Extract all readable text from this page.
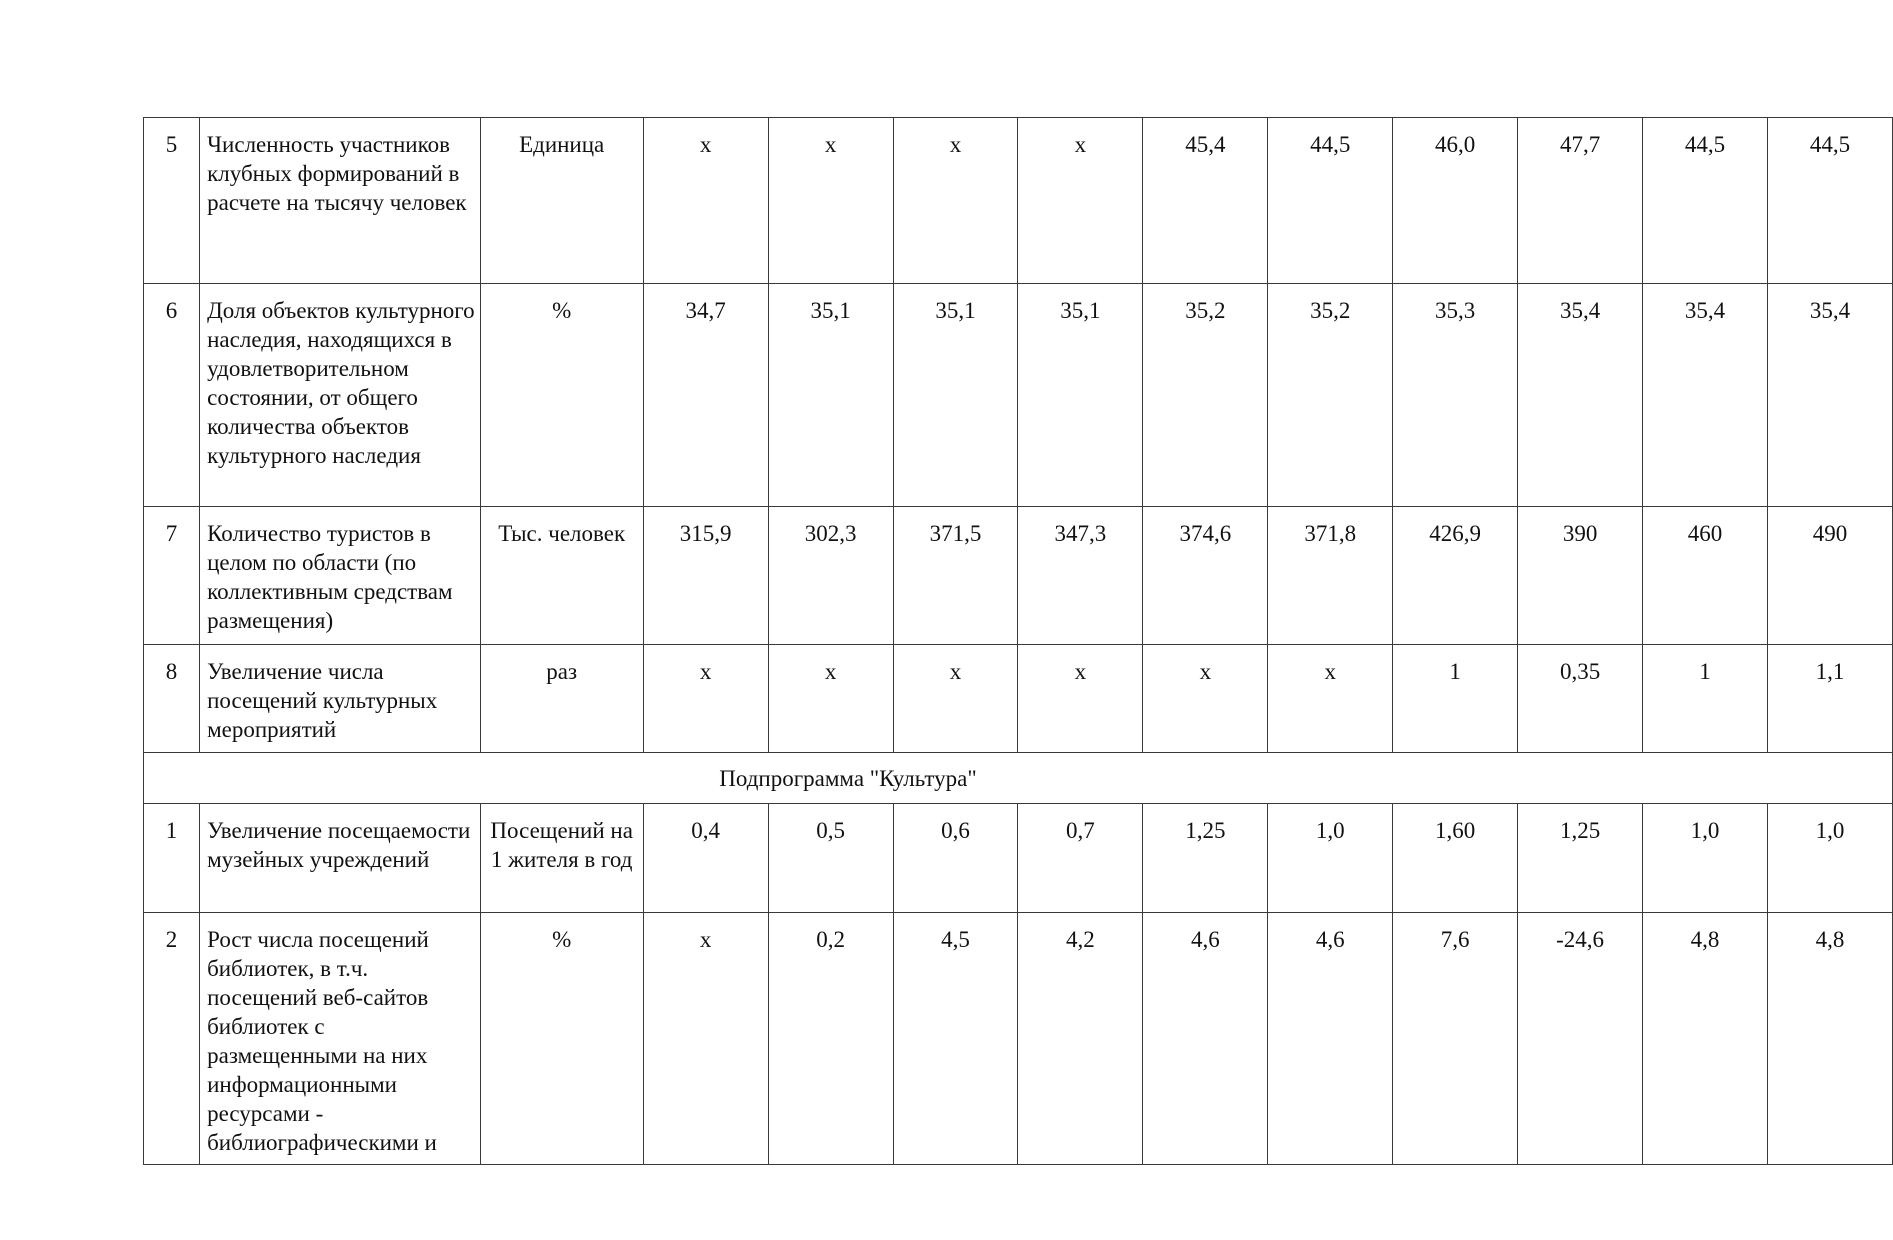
5	Численность участников клубных формирований в расчете на тысячу человек	Единица	x	x	x	x	45,4	44,5	46,0	47,7	44,5	44,5
6	Доля объектов культурного наследия, находящихся в удовлетворительном состоянии, от общего количества объектов культурного наследия	%	34,7	35,1	35,1	35,1	35,2	35,2	35,3	35,4	35,4	35,4
7	Количество туристов в целом по области (по коллективным средствам размещения)	Тыс. человек	315,9	302,3	371,5	347,3	374,6	371,8	426,9	390	460	490
8	Увеличение числа посещений культурных мероприятий	раз	x	x	x	x	x	x	1	0,35	1	1,1
Подпрограмма "Культура"												
1	Увеличение посещаемости музейных учреждений	Посещений на 1 жителя в год	0,4	0,5	0,6	0,7	1,25	1,0	1,60	1,25	1,0	1,0
2	Рост числа посещений библиотек, в т.ч. посещений веб-сайтов библиотек с размещенными на них информационными ресурсами - библиографическими и	%	x	0,2	4,5	4,2	4,6	4,6	7,6	-24,6	4,8	4,8
